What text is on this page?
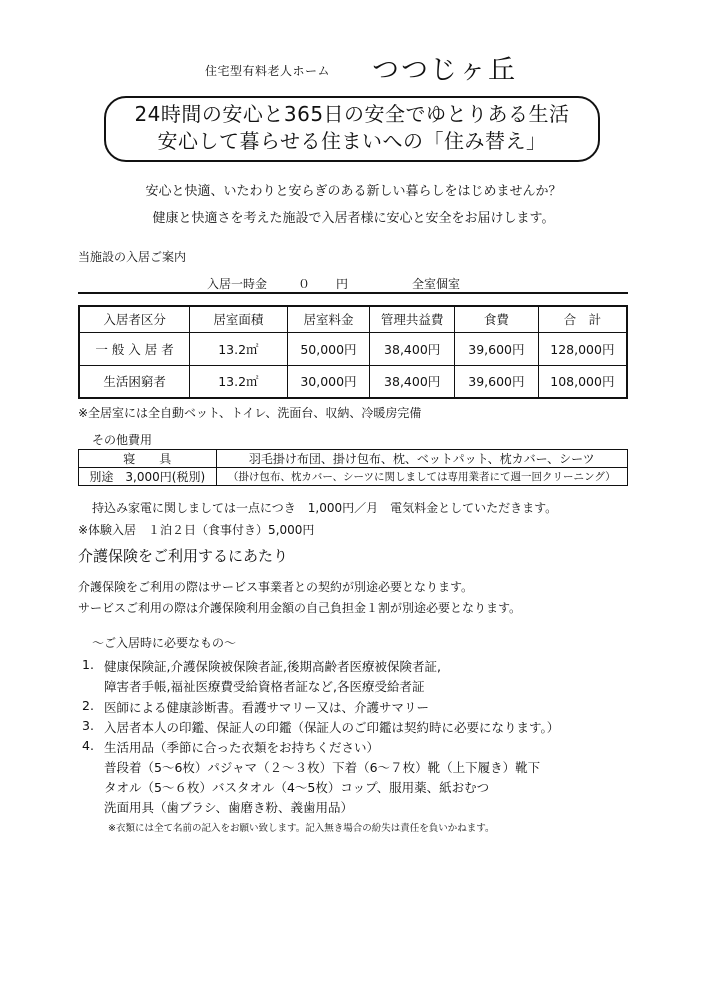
住宅型有料老人ホーム つつじヶ丘
24時間の安心と365日の安全でゆとりある生活
安心して暮らせる住まいへの「住み替え」
安心と快適、いたわりと安らぎのある新しい暮らしをはじめませんか？
健康と快適さを考えた施設で入居者様に安心と安全をお届けします。
当施設の入居ご案内
入居一時金	０ 円	全室個室
入居者区分	居室面積	居室料金	管理共益費	食費	合　計
一 般 入 居 者	13.2㎡	50,000円	38,400円	39,600円	128,000円
生活困窮者	13.2㎡	30,000円	38,400円	39,600円	108,000円
※全居室には全自動ベット、トイレ、洗面台、収納、冷暖房完備
その他費用
寝　　具	羽毛掛け布団、掛け包布、枕、ベットパット、枕カバー、シーツ
別途　3,000円(税別)	（掛け包布、枕カバー、シーツに関しましては専用業者にて週一回クリーニング）
持込み家電に関しましては一点につき　1,000円／月　電気料金としていただきます。
※体験入居　１泊２日（食事付き）5,000円
介護保険をご利用するにあたり
介護保険をご利用の際はサービス事業者との契約が別途必要となります。
サービスご利用の際は介護保険利用金額の自己負担金１割が別途必要となります。
～ご入居時に必要なもの～
1. 健康保険証,介護保険被保険者証,後期高齢者医療被保険者証,
障害者手帳,福祉医療費受給資格者証など,各医療受給者証
2. 医師による健康診断書。看護サマリー又は、介護サマリー
3. 入居者本人の印鑑、保証人の印鑑（保証人のご印鑑は契約時に必要になります。）
4. 生活用品（季節に合った衣類をお持ちください）
普段着（5～6枚）パジャマ（２～３枚）下着（6～７枚）靴（上下履き）靴下
タオル（5～６枚）バスタオル（4～5枚）コップ、服用薬、紙おむつ
洗面用具（歯ブラシ、歯磨き粉、義歯用品）
※衣類には全て名前の記入をお願い致します。記入無き場合の紛失は責任を負いかねます。
